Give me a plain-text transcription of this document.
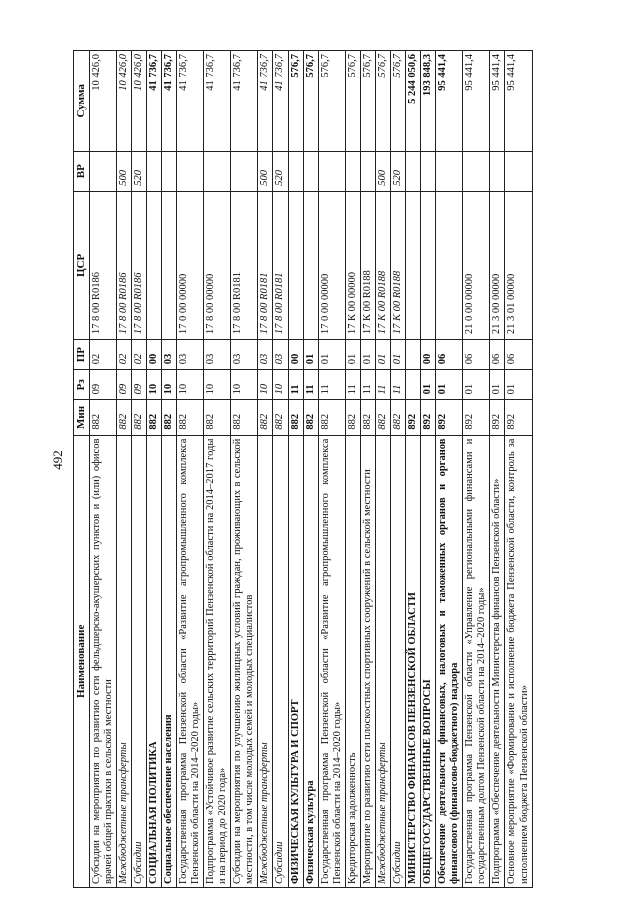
492
Наименование	Мин	Рз	ПР	ЦСР	ВР	Сумма
Субсидии на мероприятия по развитию сети фельдшерско-акушерских пунктов и (или) офисов врачей общей практики в сельской местности	882	09	02	17 8 00 R0186		10 426,0
Межбюджетные трансферты	882	09	02	17 8 00 R0186	500	10 426,0
Субсидии	882	09	02	17 8 00 R0186	520	10 426,0
СОЦИАЛЬНАЯ ПОЛИТИКА	882	10	00			41 736,7
Социальное обеспечение населения	882	10	03			41 736,7
Государственная программа Пензенской области «Развитие агропромышленного комплекса Пензенской области на 2014–2020 годы»	882	10	03	17 0 00 00000		41 736,7
Подпрограмма «Устойчивое развитие сельских территорий Пензенской области на 2014–2017 годы и на период до 2020 года»	882	10	03	17 8 00 00000		41 736,7
Субсидии на мероприятия по улучшению жилищных условий граждан, проживающих в сельской местности, в том числе молодых семей и молодых специалистов	882	10	03	17 8 00 R0181		41 736,7
Межбюджетные трансферты	882	10	03	17 8 00 R0181	500	41 736,7
Субсидии	882	10	03	17 8 00 R0181	520	41 736,7
ФИЗИЧЕСКАЯ КУЛЬТУРА И СПОРТ	882	11	00			576,7
Физическая культура	882	11	01			576,7
Государственная программа Пензенской области «Развитие агропромышленного комплекса Пензенской области на 2014–2020 годы»	882	11	01	17 0 00 00000		576,7
Кредиторская задолженность	882	11	01	17 К 00 00000		576,7
Мероприятие по развитию сети плоскостных спортивных сооружений в сельской местности	882	11	01	17 К 00 R0188		576,7
Межбюджетные трансферты	882	11	01	17 К 00 R0188	500	576,7
Субсидии	882	11	01	17 К 00 R0188	520	576,7
МИНИСТЕРСТВО ФИНАНСОВ ПЕНЗЕНСКОЙ ОБЛАСТИ	892					5 244 050,6
ОБЩЕГОСУДАРСТВЕННЫЕ ВОПРОСЫ	892	01	00			193 848,3
Обеспечение деятельности финансовых, налоговых и таможенных органов и органов финансового (финансово-бюджетного) надзора	892	01	06			95 441,4
Государственная программа Пензенской области «Управление региональными финансами и государственным долгом Пензенской области на 2014–2020 годы»	892	01	06	21 0 00 00000		95 441,4
Подпрограмма «Обеспечение деятельности Министерства финансов Пензенской области»	892	01	06	21 3 00 00000		95 441,4
Основное мероприятие «Формирование и исполнение бюджета Пензенской области, контроль за исполнением бюджета Пензенской области»	892	01	06	21 3 01 00000		95 441,4
